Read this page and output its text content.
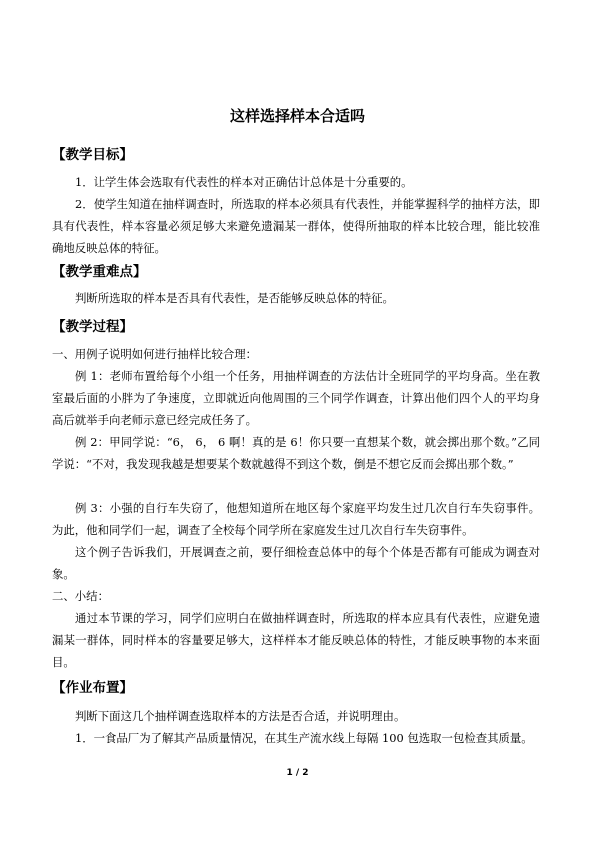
这样选择样本合适吗
【教学目标】

1．让学生体会选取有代表性的样本对正确估计总体是十分重要的。

2．使学生知道在抽样调查时，所选取的样本必须具有代表性，并能掌握科学的抽样方法，即具有代表性，样本容量必须足够大来避免遗漏某一群体，使得所抽取的样本比较合理，能比较准确地反映总体的特征。

【教学重难点】

判断所选取的样本是否具有代表性，是否能够反映总体的特征。

【教学过程】
一、用例子说明如何进行抽样比较合理：

例 1：老师布置给每个小组一个任务，用抽样调查的方法估计全班同学的平均身高。坐在教室最后面的小胖为了争速度，立即就近向他周围的三个同学作调查，计算出他们四个人的平均身高后就举手向老师示意已经完成任务了。

例 2：甲同学说：“6， 6， 6 啊！真的是 6！你只要一直想某个数，就会掷出那个数。”乙同学说：“不对，我发现我越是想要某个数就越得不到这个数，倒是不想它反而会掷出那个数。”

例 3：小强的自行车失窃了，他想知道所在地区每个家庭平均发生过几次自行车失窃事件。为此，他和同学们一起，调查了全校每个同学所在家庭发生过几次自行车失窃事件。

这个例子告诉我们，开展调查之前，要仔细检查总体中的每个个体是否都有可能成为调查对象。

二、小结：

通过本节课的学习，同学们应明白在做抽样调查时，所选取的样本应具有代表性，应避免遗漏某一群体，同时样本的容量要足够大，这样样本才能反映总体的特性，才能反映事物的本来面目。

【作业布置】

判断下面这几个抽样调查选取样本的方法是否合适，并说明理由。

1．一食品厂为了解其产品质量情况，在其生产流水线上每隔 100 包选取一包检查其质量。

1 / 2
